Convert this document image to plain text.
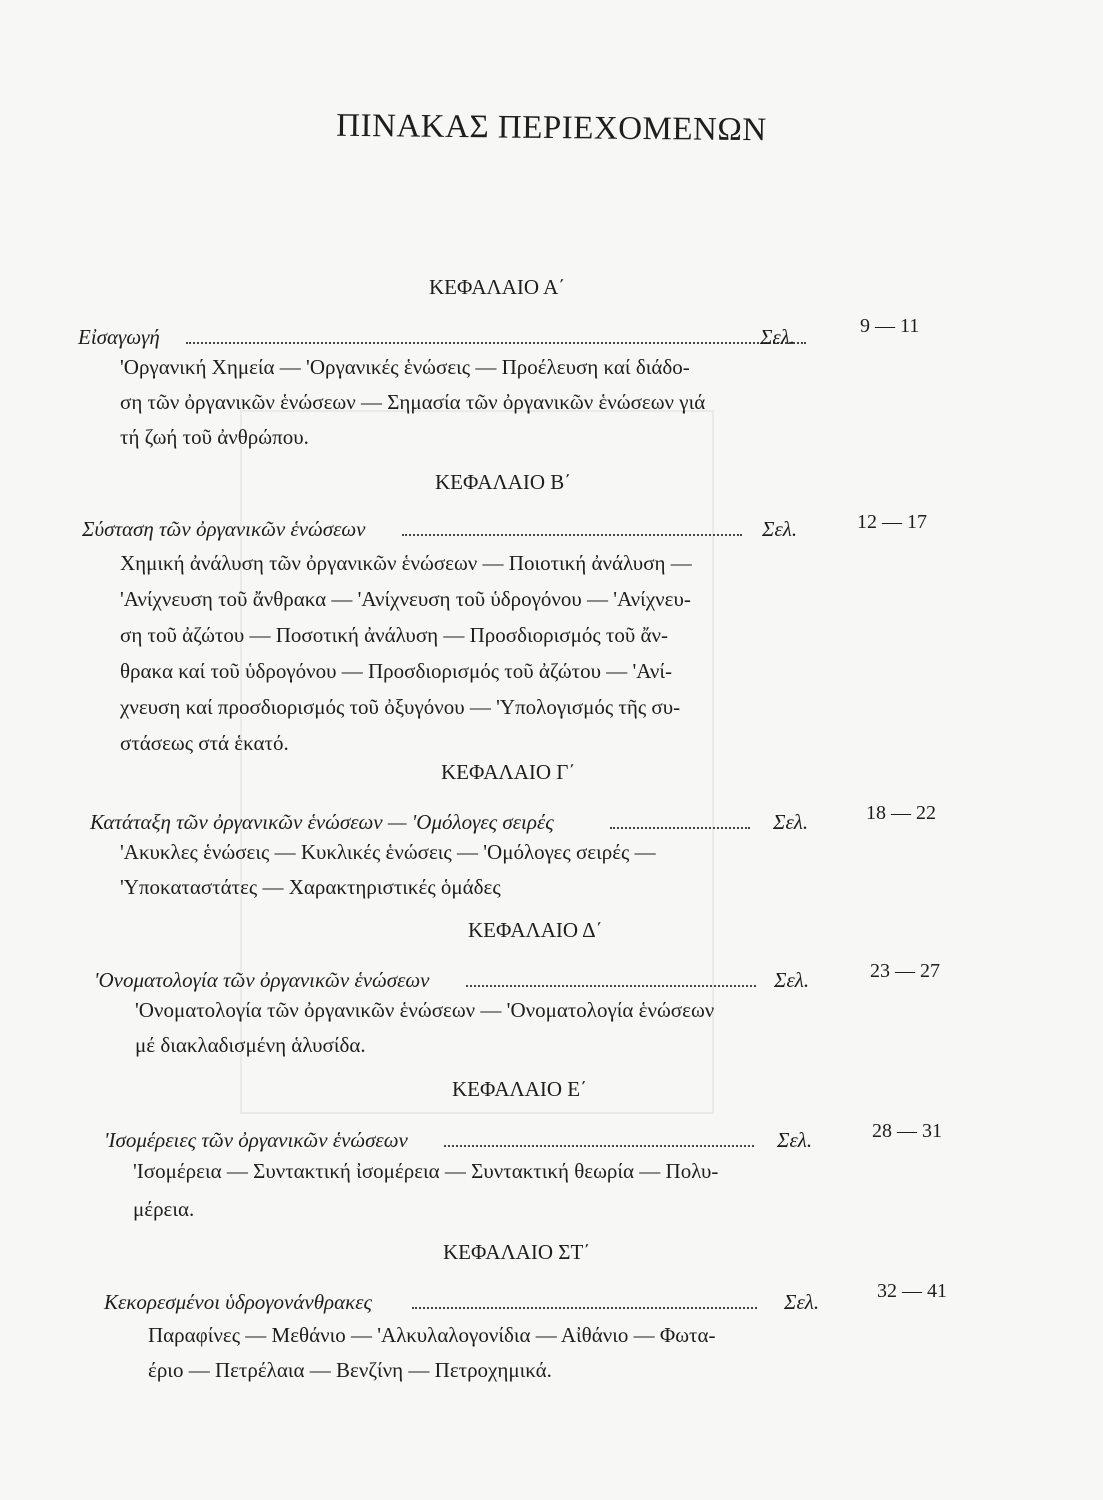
ΠΙΝΑΚΑΣ ΠΕΡΙΕΧΟΜΕΝΩΝ
ΚΕΦΑΛΑΙΟ Α΄
Εἰσαγωγή	Σελ.	9 — 11
'Οργανική Χημεία — 'Οργανικές ἑνώσεις — Προέλευση καί διάδο-
ση τῶν ὀργανικῶν ἑνώσεων — Σημασία τῶν ὀργανικῶν ἑνώσεων γιά
τή ζωή τοῦ ἀνθρώπου.
ΚΕΦΑΛΑΙΟ Β΄
Σύσταση τῶν ὀργανικῶν ἑνώσεων	Σελ.	12 — 17
Χημική ἀνάλυση τῶν ὀργανικῶν ἑνώσεων — Ποιοτική ἀνάλυση —
'Ανίχνευση τοῦ ἄνθρακα — 'Ανίχνευση τοῦ ὑδρογόνου — 'Ανίχνευ-
ση τοῦ ἀζώτου — Ποσοτική ἀνάλυση — Προσδιορισμός τοῦ ἄν-
θρακα καί τοῦ ὑδρογόνου — Προσδιορισμός τοῦ ἀζώτου — 'Ανί-
χνευση καί προσδιορισμός τοῦ ὀξυγόνου — 'Υπολογισμός τῆς συ-
στάσεως στά ἑκατό.
ΚΕΦΑΛΑΙΟ Γ΄
Κατάταξη τῶν ὀργανικῶν ἑνώσεων — 'Ομόλογες σειρές	Σελ.	18 — 22
'Ακυκλες ἑνώσεις — Κυκλικές ἑνώσεις — 'Ομόλογες σειρές —
'Υποκαταστάτες — Χαρακτηριστικές ὁμάδες
ΚΕΦΑΛΑΙΟ Δ΄
'Ονοματολογία τῶν ὀργανικῶν ἑνώσεων	Σελ.	23 — 27
'Ονοματολογία τῶν ὀργανικῶν ἑνώσεων — 'Ονοματολογία ἑνώσεων
μέ διακλαδισμένη ἁλυσίδα.
ΚΕΦΑΛΑΙΟ Ε΄
'Ισομέρειες τῶν ὀργανικῶν ἑνώσεων	Σελ.	28 — 31
'Ισομέρεια — Συντακτική ἰσομέρεια — Συντακτική θεωρία — Πολυ-
μέρεια.
ΚΕΦΑΛΑΙΟ ΣΤ΄
Κεκορεσμένοι ὑδρογονάνθρακες	Σελ.	32 — 41
Παραφίνες — Μεθάνιο — 'Αλκυλαλογονίδια — Αἰθάνιο — Φωτα-
έριο — Πετρέλαια — Βενζίνη — Πετροχημικά.
